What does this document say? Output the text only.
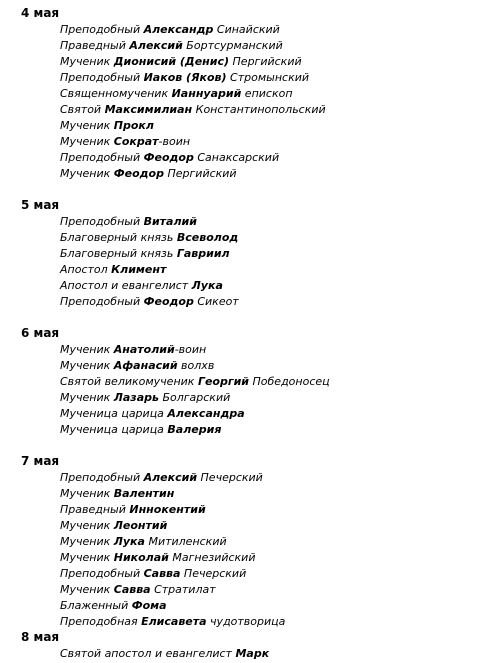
4 мая
Преподобный Александр Синайский
Праведный Алексий Бортсурманский
Мученик Дионисий (Денис) Пергийский
Преподобный Иаков (Яков) Стромынский
Священномученик Ианнуарий епископ
Святой Максимилиан Константинопольский
Мученик Прокл
Мученик Сократ-воин
Преподобный Феодор Санаксарский
Мученик Феодор Пергийский
5 мая
Преподобный Виталий
Благоверный князь Всеволод
Благоверный князь Гавриил
Апостол Климент
Апостол и евангелист Лука
Преподобный Феодор Сикеот
6 мая
Мученик Анатолий-воин
Мученик Афанасий волхв
Святой великомученик Георгий Победоносец
Мученик Лазарь Болгарский
Мученица царица Александра
Мученица царица Валерия
7 мая
Преподобный Алексий Печерский
Мученик Валентин
Праведный Иннокентий
Мученик Леонтий
Мученик Лука Митиленский
Мученик Николай Магнезийский
Преподобный Савва Печерский
Мученик Савва Стратилат
Блаженный Фома
Преподобная Елисавета чудотворица
8 мая
Святой апостол и евангелист Марк
